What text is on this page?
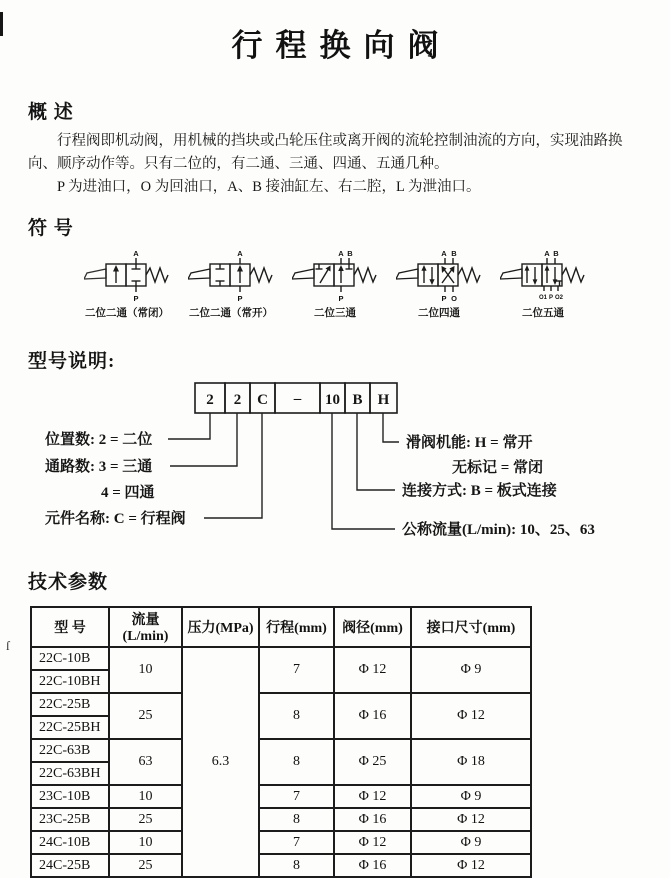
ſ
行程换向阀
概 述

行程阀即机动阀，用机械的挡块或凸轮压住或离开阀的流轮控制油流的方向，实现油路换向、顺序动作等。只有二位的，有二通、三通、四通、五通几种。

P 为进油口，O 为回油口，A、B 接油缸左、右二腔，L 为泄油口。

符 号
A
P
二位二通（常闭）
A
P
二位二通（常开）
A B
P
二位三通
A B
P O
二位四通
A B
O1 P O2
二位五通
型号说明:
2 2 C – 10 B H
位置数: 2 = 二位
通路数: 3 = 三通
4 = 四通
元件名称: C = 行程阀
滑阀机能: H = 常开
无标记 = 常闭
连接方式: B = 板式连接
公称流量(L/min): 10、25、63
技术参数
型 号	流量(L/min)	压力(MPa)	行程(mm)	阀径(mm)	接口尺寸(mm)
22C-10B	10	6.3	7	Φ 12	Φ 9
22C-10BH					
22C-25B	25		8	Φ 16	Φ 12
22C-25BH					
22C-63B	63		8	Φ 25	Φ 18
22C-63BH					
23C-10B	10		7	Φ 12	Φ 9
23C-25B	25		8	Φ 16	Φ 12
24C-10B	10		7	Φ 12	Φ 9
24C-25B	25		8	Φ 16	Φ 12
